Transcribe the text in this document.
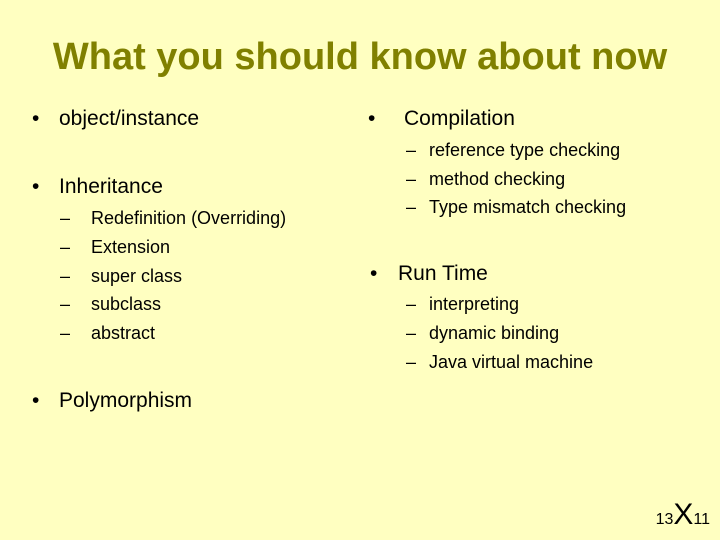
What you should know about now
• object/instance
• Inheritance
– Redefinition (Overriding)
– Extension
– super class
– subclass
– abstract
• Polymorphism
• Compilation
– reference type checking
– method checking
– Type mismatch checking
• Run Time
– interpreting
– dynamic binding
– Java virtual machine
13X11
